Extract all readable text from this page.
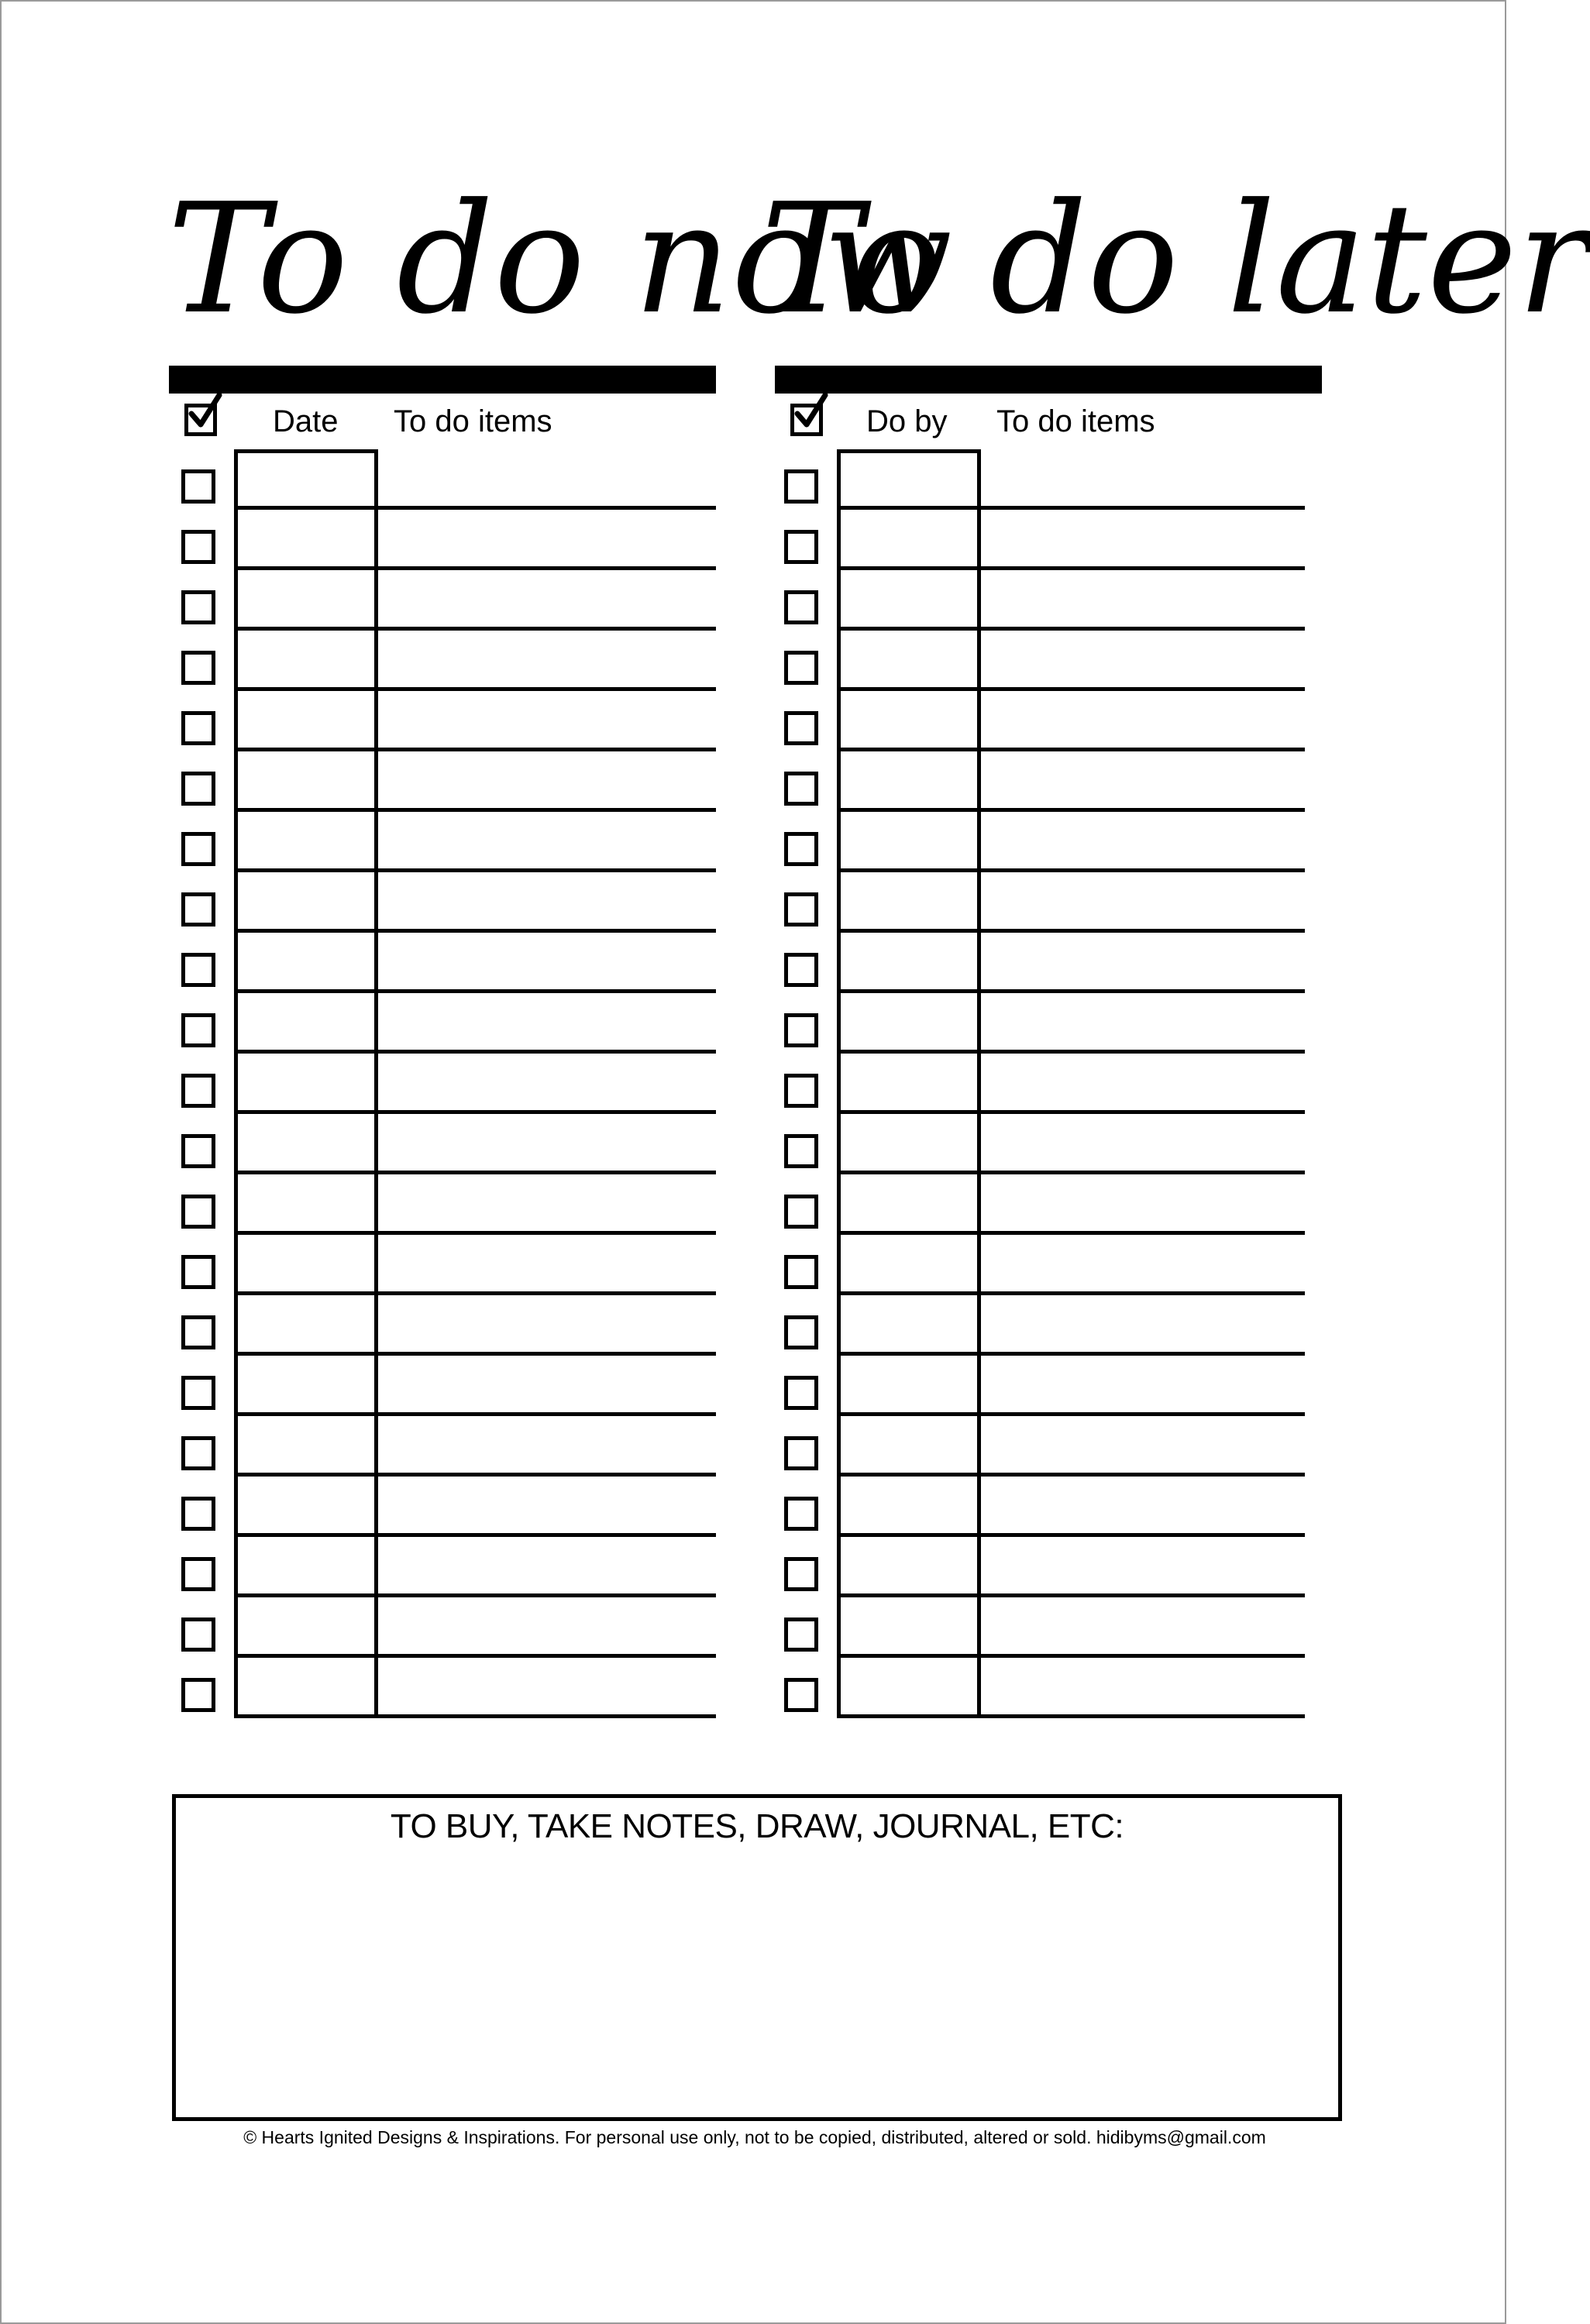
To do now
Date To do items
To do later
Do by To do items
TO BUY, TAKE NOTES, DRAW, JOURNAL, ETC:
© Hearts Ignited Designs & Inspirations. For personal use only, not to be copied, distributed, altered or sold. hidibyms@gmail.com
